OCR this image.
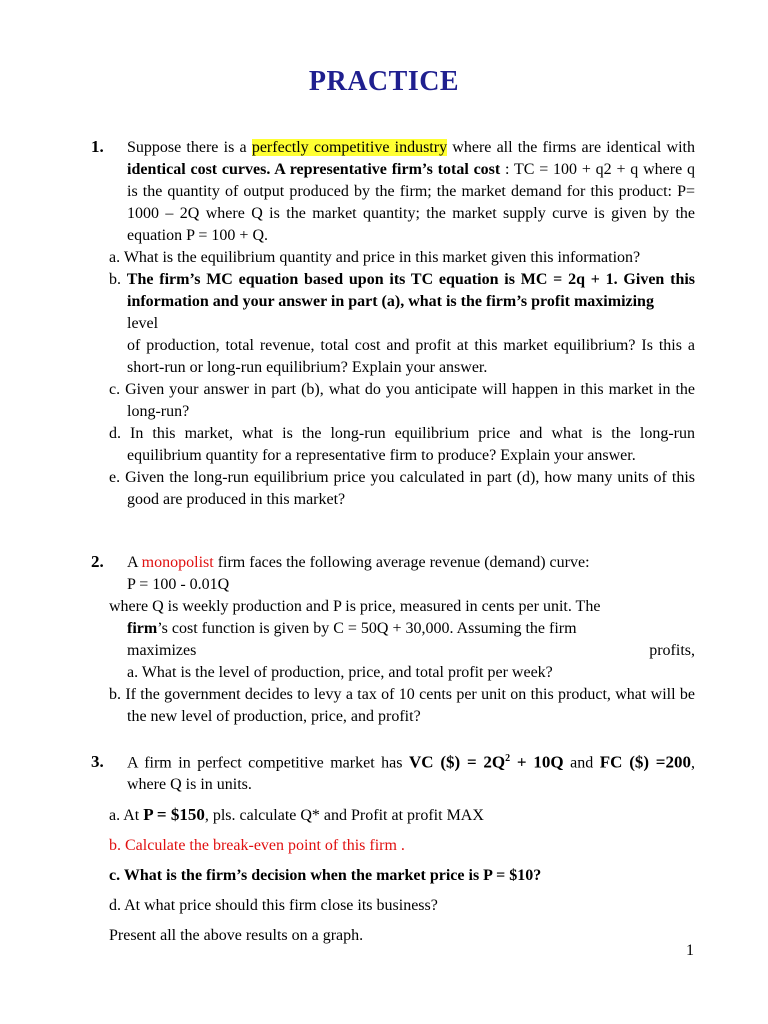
PRACTICE

1. Suppose there is a perfectly competitive industry where all the firms are identical with identical cost curves. A representative firm’s total cost : TC = 100 + q2 + q where q is the quantity of output produced by the firm; the market demand for this product: P= 1000 – 2Q where Q is the market quantity; the market supply curve is given by the equation P = 100 + Q.

a. What is the equilibrium quantity and price in this market given this information?

b. The firm’s MC equation based upon its TC equation is MC = 2q + 1. Given this information and your answer in part (a), what is the firm’s profit maximizing

level

of production, total revenue, total cost and profit at this market equilibrium? Is this a short-run or long-run equilibrium? Explain your answer.

c. Given your answer in part (b), what do you anticipate will happen in this market in the long-run?

d. In this market, what is the long-run equilibrium price and what is the long-run equilibrium quantity for a representative firm to produce? Explain your answer.

e. Given the long-run equilibrium price you calculated in part (d), how many units of this good are produced in this market?

2. A monopolist firm faces the following average revenue (demand) curve:

P = 100 - 0.01Q

where Q is weekly production and P is price, measured in cents per unit. The

firm’s cost function is given by C = 50Q + 30,000. Assuming the firm

maximizes	profits,

a. What is the level of production, price, and total profit per week?

b. If the government decides to levy a tax of 10 cents per unit on this product, what will be the new level of production, price, and profit?

3. A firm in perfect competitive market has VC ($) = $2Q^2 + 10Q$ and FC ($) =200, where Q is in units.

a. At P = $150, pls. calculate Q* and Profit at profit MAX

b. Calculate the break-even point of this firm .

c. What is the firm’s decision when the market price is P = $10?

d. At what price should this firm close its business?

Present all the above results on a graph.

1
